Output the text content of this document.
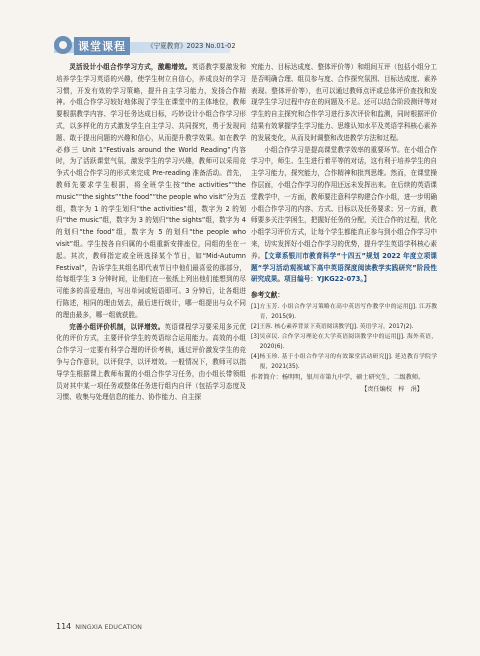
课堂课程	《宁夏教育》2023 No.01-02

灵活设计小组合作学习方式，激趣增效。英语教学要激发和培养学生学习英语的兴趣，使学生树立自信心，养成良好的学习习惯，开发有效的学习策略，提升自主学习能力，发扬合作精神。小组合作学习较好地体现了学生在课堂中的主体地位，教师要根据教学内容、学习任务达成目标，巧妙设计小组合作学习形式，以多样化的方式激发学生自主学习、共同探究，勇于发现问题、敢于提出问题的兴趣和信心，从而提升教学效果。如在教学必修三 Unit 1“Festivals around the World Reading”内容时，为了活跃课堂气氛，激发学生的学习兴趣，教师可以采用竞争式小组合作学习的形式来完成 Pre-reading 准备活动。首先，教师先要求学生根据，将全班学生按“the activities”“the music”“the sights”“the food”“the people who visit”分为五组，数字为 1 的学生划归“the activities”组，数字为 2 的划归“the music”组，数字为 3 的划归“the sights”组，数字为 4 的划归“the food”组，数字为 5 的划归“the people who visit”组。学生按各自归属的小组重新安排座位，同组的坐在一起。其次，教师指定或全班选择某个节日，如“Mid-Autumn Festival”，告诉学生其组名即代表节日中他们最喜爱的那部分，给每组学生 3 分钟时间，让他们在一张纸上列出他们能想到的尽可能多的喜爱理由，写出单词或短语即可。3 分钟后，让各组进行陈述，相同的理由划去，最后进行统计，哪一组提出与众不同的理由最多，哪一组就获胜。

完善小组评价机制，以评增效。英语课程学习要采用多元优化的评价方式，主要评价学生的英语综合运用能力。高效的小组合作学习一定要有科学合理的评价考核，通过评价激发学生的竞争与合作意识，以评促学，以评增效。一般情况下，教师可以指导学生根据课上教师布置的小组合作学习任务，由小组长带领组员对其中某一项任务或整体任务进行组内自评（包括学习态度及习惯、收集与处理信息的能力、协作能力、自主探

究能力、目标达成度、整体评价等）和组间互评（包括小组分工是否明确合理、组员参与度、合作探究氛围、目标达成度、素养表现、整体评价等），也可以通过教师点评或总体评价查找和发现学生学习过程中存在的问题及不足。还可以结合阶段测评等对学生的自主探究和合作学习进行多次评价和监测，同时根据评价结果有效掌握学生学习能力、思维认知水平及英语学科核心素养的发展变化，从而及时调整和改进教学方法和过程。

小组合作学习是提高课堂教学效率的重要环节。在小组合作学习中，师生、生生进行着平等的对话，这有利于培养学生的自主学习能力，探究能力，合作精神和批判思维。然而，在课堂操作层面，小组合作学习的作用还远未发挥出来。在后续的英语课堂教学中，一方面，教师要注意科学构建合作小组，进一步明确小组合作学习的内容、方式、目标以及任务要求；另一方面，教师要多关注学困生，把握好任务的分配，关注合作的过程，优化小组学习评价方式，让每个学生都能真正参与到小组合作学习中来，切实发挥好小组合作学习的优势，提升学生英语学科核心素养。【文章系银川市教育科学“十四五”规划 2022 年度立项课题“学习活动观视域下高中英语深度阅读教学实践研究”阶段性研究成果。项目编号：YJKG22-073。】

参考文献：

[1]方玉芳. 小组合作学习策略在高中英语写作教学中的运用[J]. 江苏教育，2015(9).

[2]王蓉. 核心素养背景下英语阅读教学[J]. 英语学习，2017(2).

[3]吴彦民. 合作学习理论在大学英语阅读教学中的运用[J]. 海外英语，2020(6).

[4]杨玉珍. 基于小组合作学习的有效课堂活动研究[J]. 延边教育学院学报，2021(35).

作者简介：杨明明，银川市第九中学，硕士研究生，二级教师。

【责任编校　梓　涓】

114 NINGXIA EDUCATION
